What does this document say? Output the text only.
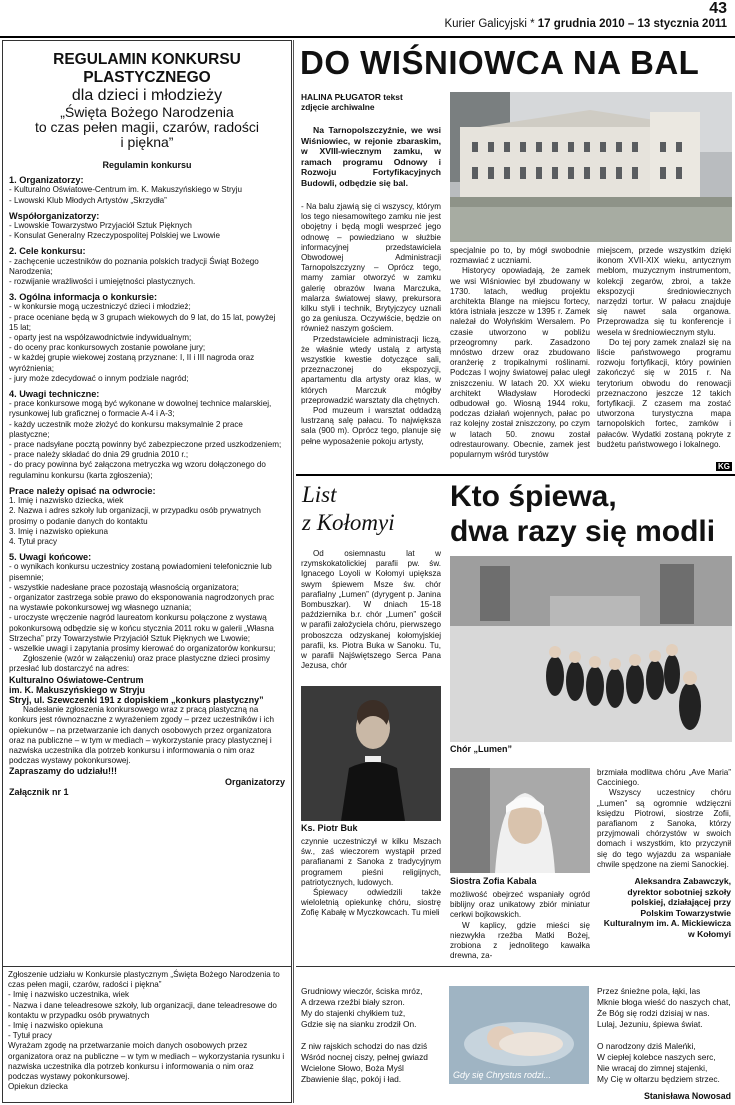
43
Kurier Galicyjski * 17 grudnia 2010 – 13 stycznia 2011
REGULAMIN KONKURSU
PLASTYCZNEGO
dla dzieci i młodzieży
„Święta Bożego Narodzenia
to czas pełen magii, czarów, radości
i piękna”

Regulamin konkursu

1. Organizatorzy:

- Kulturalno Oświatowe-Centrum im. K. Makuszyńskiego w Stryju

- Lwowski Klub Młodych Artystów „Skrzydła”

Współorganizatorzy:

- Lwowskie Towarzystwo Przyjaciół Sztuk Pięknych

- Konsulat Generalny Rzeczypospolitej Polskiej we Lwowie

2. Cele konkursu:

- zachęcenie uczestników do poznania polskich tradycji Świąt Bożego Narodzenia;

- rozwijanie wrażliwości i umiejętności plastycznych.

3. Ogólna informacja o konkursie:

- w konkursie mogą uczestniczyć dzieci i młodzież;

- prace oceniane będą w 3 grupach wiekowych do 9 lat, do 15 lat, powyżej 15 lat;

- oparty jest na współzawodnictwie indywidualnym;

- do oceny prac konkursowych zostanie powołane jury;

- w każdej grupie wiekowej zostaną przyznane: I, II i III nagroda oraz wyróżnienia;

- jury może zdecydować o innym podziale nagród;

4. Uwagi techniczne:

- prace konkursowe mogą być wykonane w dowolnej technice malarskiej, rysunkowej lub graficznej o formacie A-4 i A-3;

- każdy uczestnik może złożyć do konkursu maksymalnie 2 prace plastyczne;

- prace nadsyłane pocztą powinny być zabezpieczone przed uszkodzeniem;

- prace należy składać do dnia 29 grudnia 2010 r.;

- do pracy powinna być załączona metryczka wg wzoru dołączonego do regulaminu konkursu (karta zgłoszenia);

Prace należy opisać na odwrocie:

1. Imię i nazwisko dziecka, wiek

2. Nazwa i adres szkoły lub organizacji, w przypadku osób prywatnych prosimy o podanie danych do kontaktu

3. Imię i nazwisko opiekuna

4. Tytuł pracy

5. Uwagi końcowe:

- o wynikach konkursu uczestnicy zostaną powiadomieni telefonicznie lub pisemnie;

- wszystkie nadesłane prace pozostają własnością organizatora;

- organizator zastrzega sobie prawo do eksponowania nagrodzonych prac na wystawie pokonkursowej wg własnego uznania;

- uroczyste wręczenie nagród laureatom konkursu połączone z wystawą pokonkursową odbędzie się w końcu stycznia 2011 roku w galerii „Własna Strzecha” przy Towarzystwie Przyjaciół Sztuk Pięknych we Lwowie;

- wszelkie uwagi i zapytania prosimy kierować do organizatorów konkursu;

Zgłoszenie (wzór w załączeniu) oraz prace plastyczne dzieci prosimy przesłać lub dostarczyć na adres:

Kulturalno Oświatowe-Centrum

im. K. Makuszyńskiego w Stryju

Stryj, ul. Szewczenki 191 z dopiskiem „konkurs plastyczny”

Nadesłanie zgłoszenia konkursowego wraz z pracą plastyczną na konkurs jest równoznaczne z wyrażeniem zgody – przez uczestników i ich opiekunów – na przetwarzanie ich danych osobowych przez organizatora oraz na publiczne – w tym w mediach – wykorzystanie pracy plastycznej i nazwiska uczestnika dla potrzeb konkursu i informowania o nim oraz podczas wystawy pokonkursowej.

Zapraszamy do udziału!!!

Organizatorzy

Załącznik nr 1

Zgłoszenie udziału w Konkursie plastycznym „Święta Bożego Narodzenia to czas pełen magii, czarów, radości i piękna”

- Imię i nazwisko uczestnika, wiek

- Nazwa i dane teleadresowe szkoły, lub organizacji, dane teleadresowe do kontaktu w przypadku osób prywatnych

- Imię i nazwisko opiekuna

- Tytuł pracy

Wyrażam zgodę na przetwarzanie moich danych osobowych przez organizatora oraz na publiczne – w tym w mediach – wykorzystania rysunku i nazwiska uczestnika dla potrzeb konkursu i informowania o nim oraz podczas wystawy pokonkursowej.

Opiekun dziecka

DO WIŚNIOWCA NA BAL
HALINA PŁUGATOR tekst
zdjęcie archiwalne
Na Tarnopolszczyźnie, we wsi Wiśniowiec, w rejonie zbaraskim, w XVIII-wiecznym zamku, w ramach programu Odnowy i Rozwoju Fortyfikacyjnych Budowli, odbędzie się bal.

- Na balu zjawią się ci wszyscy, którym los tego niesamowitego zamku nie jest obojętny i będą mogli wesprzeć jego odnowę – powiedziano w służbie informacyjnej przedstawiciela Obwodowej Administracji Tarnopolszczyzny – Oprócz tego, mamy zamiar otworzyć w zamku galerię obrazów Iwana Marczuka, malarza światowej sławy, prekursora kilku styli i technik, Brytyjczycy uznali go za geniusza. Oczywiście, będzie on również naszym gościem.

Przedstawiciele administracji liczą, że właśnie wtedy ustalą z artystą wszystkie kwestie dotyczące sali, przeznaczonej do ekspozycji, apartamentu dla artysty oraz klas, w których Marczuk mógłby przeprowadzić warsztaty dla chętnych.

Pod muzeum i warsztat oddadzą lustrzaną salę pałacu. To największa sala (900 m). Oprócz tego, planuje się pełne wyposażenie pokoju artysty,

specjalnie po to, by mógł swobodnie rozmawiać z uczniami.

Historycy opowiadają, że zamek we wsi Wiśniowiec był zbudowany w 1730. latach, według projektu architekta Blange na miejscu fortecy, która istniała jeszcze w 1395 r. Zamek należał do Wołyńskim Wersalem. Po czasie utworzono w pobliżu przeogromny park. Zasadzono mnóstwo drzew oraz zbudowano oranżerię z tropikalnymi roślinami. Podczas I wojny światowej pałac uległ zniszczeniu. W latach 20. XX wieku architekt Władysław Horodecki odbudował go. Wiosną 1944 roku, podczas działań wojennych, pałac po raz kolejny został zniszczony, po czym w latach 50. znowu został odrestaurowany. Obecnie, zamek jest popularnym wśród turystów

miejscem, przede wszystkim dzięki ikonom XVII-XIX wieku, antycznym meblom, muzycznym instrumentom, kolekcji zegarów, zbroi, a także ekspozycji średniowiecznych narzędzi tortur. W pałacu znajduje się nawet sala organowa. Przeprowadza się tu konferencje i wesela w średniowiecznym stylu.

Do tej pory zamek znalazł się na liście państwowego programu rozwoju fortyfikacji, który powinien zakończyć się w 2015 r. Na terytorium obwodu do renowacji przeznaczono jeszcze 12 takich fortyfikacji. Z czasem ma zostać utworzona turystyczna mapa tarnopolskich fortec, zamków i pałaców. Wydatki zostaną pokryte z budżetu państwowego i lokalnego.

KG
List
z Kołomyi
Od osiemnastu lat w rzymskokatolickiej parafii pw. św. Ignacego Loyoli w Kołomyi upiększa swym śpiewem Msze św. chór parafialny „Lumen” (dyrygent p. Janina Bombuszkar). W dniach 15-18 października b.r. chór „Lumen” gościł w parafii założyciela chóru, pierwszego proboszcza odzyskanej kołomyjskiej parafii, ks. Piotra Buka w Sanoku. Tu, w parafii Najświętszego Serca Pana Jezusa, chór
Ks. Piotr Buk

czynnie uczestniczył w kilku Mszach św., zaś wieczorem wystąpił przed parafianami z Sanoka z tradycyjnym programem pieśni religijnych, patriotycznych, ludowych.

Śpiewacy odwiedzili także wieloletnią opiekunkę chóru, siostrę Zofię Kabałę w Myczkowcach. Tu mieli

Kto śpiewa,
dwa razy się modli
Chór „Lumen”
Siostra Zofia Kabala

możliwość obejrzeć wspaniały ogród biblijny oraz unikatowy zbiór miniatur cerkwi bojkowskich.

W kaplicy, gdzie mieści się niezwykła rzeźba Matki Bożej, zrobiona z jednolitego kawałka drewna, za-

brzmiała modlitwa chóru „Ave Maria” Cacciniego.

Wszyscy uczestnicy chóru „Lumen” są ogromnie wdzięczni księdzu Piotrowi, siostrze Zofii, parafianom z Sanoka, którzy przyjmowali chórzystów w swoich domach i wszystkim, kto przyczynił się do tego wyjazdu za wspaniałe chwile spędzone na ziemi Sanockiej.

Aleksandra Zabawczyk,
dyrektor sobotniej szkoły polskiej, działającej przy Polskim Towarzystwie Kulturalnym im. A. Mickiewicza w Kołomyi

Grudniowy wieczór, ściska mróz,

A drzewa rzeźbi biały szron.

My do stajenki chyłkiem tuż,

Gdzie się na sianku zrodził On.

Z niw rajskich schodzi do nas dziś

Wśród nocnej ciszy, pełnej gwiazd

Wcielone Słowo, Boża Myśl

Zbawienie śląc, pokój i ład.	Gdy się Chrystus rodzi...

Przez śnieżne pola, łąki, las

Mknie błoga wieść do naszych chat,

Że Bóg się rodzi dzisiaj w nas.

Lulaj, Jezuniu, śpiewa świat.

O narodzony dziś Maleńki,

W ciepłej kolebce naszych serc,

Nie wracaj do zimnej stajenki,

My Cię w ołtarzu będziem strzec.

Stanisława Nowosad
